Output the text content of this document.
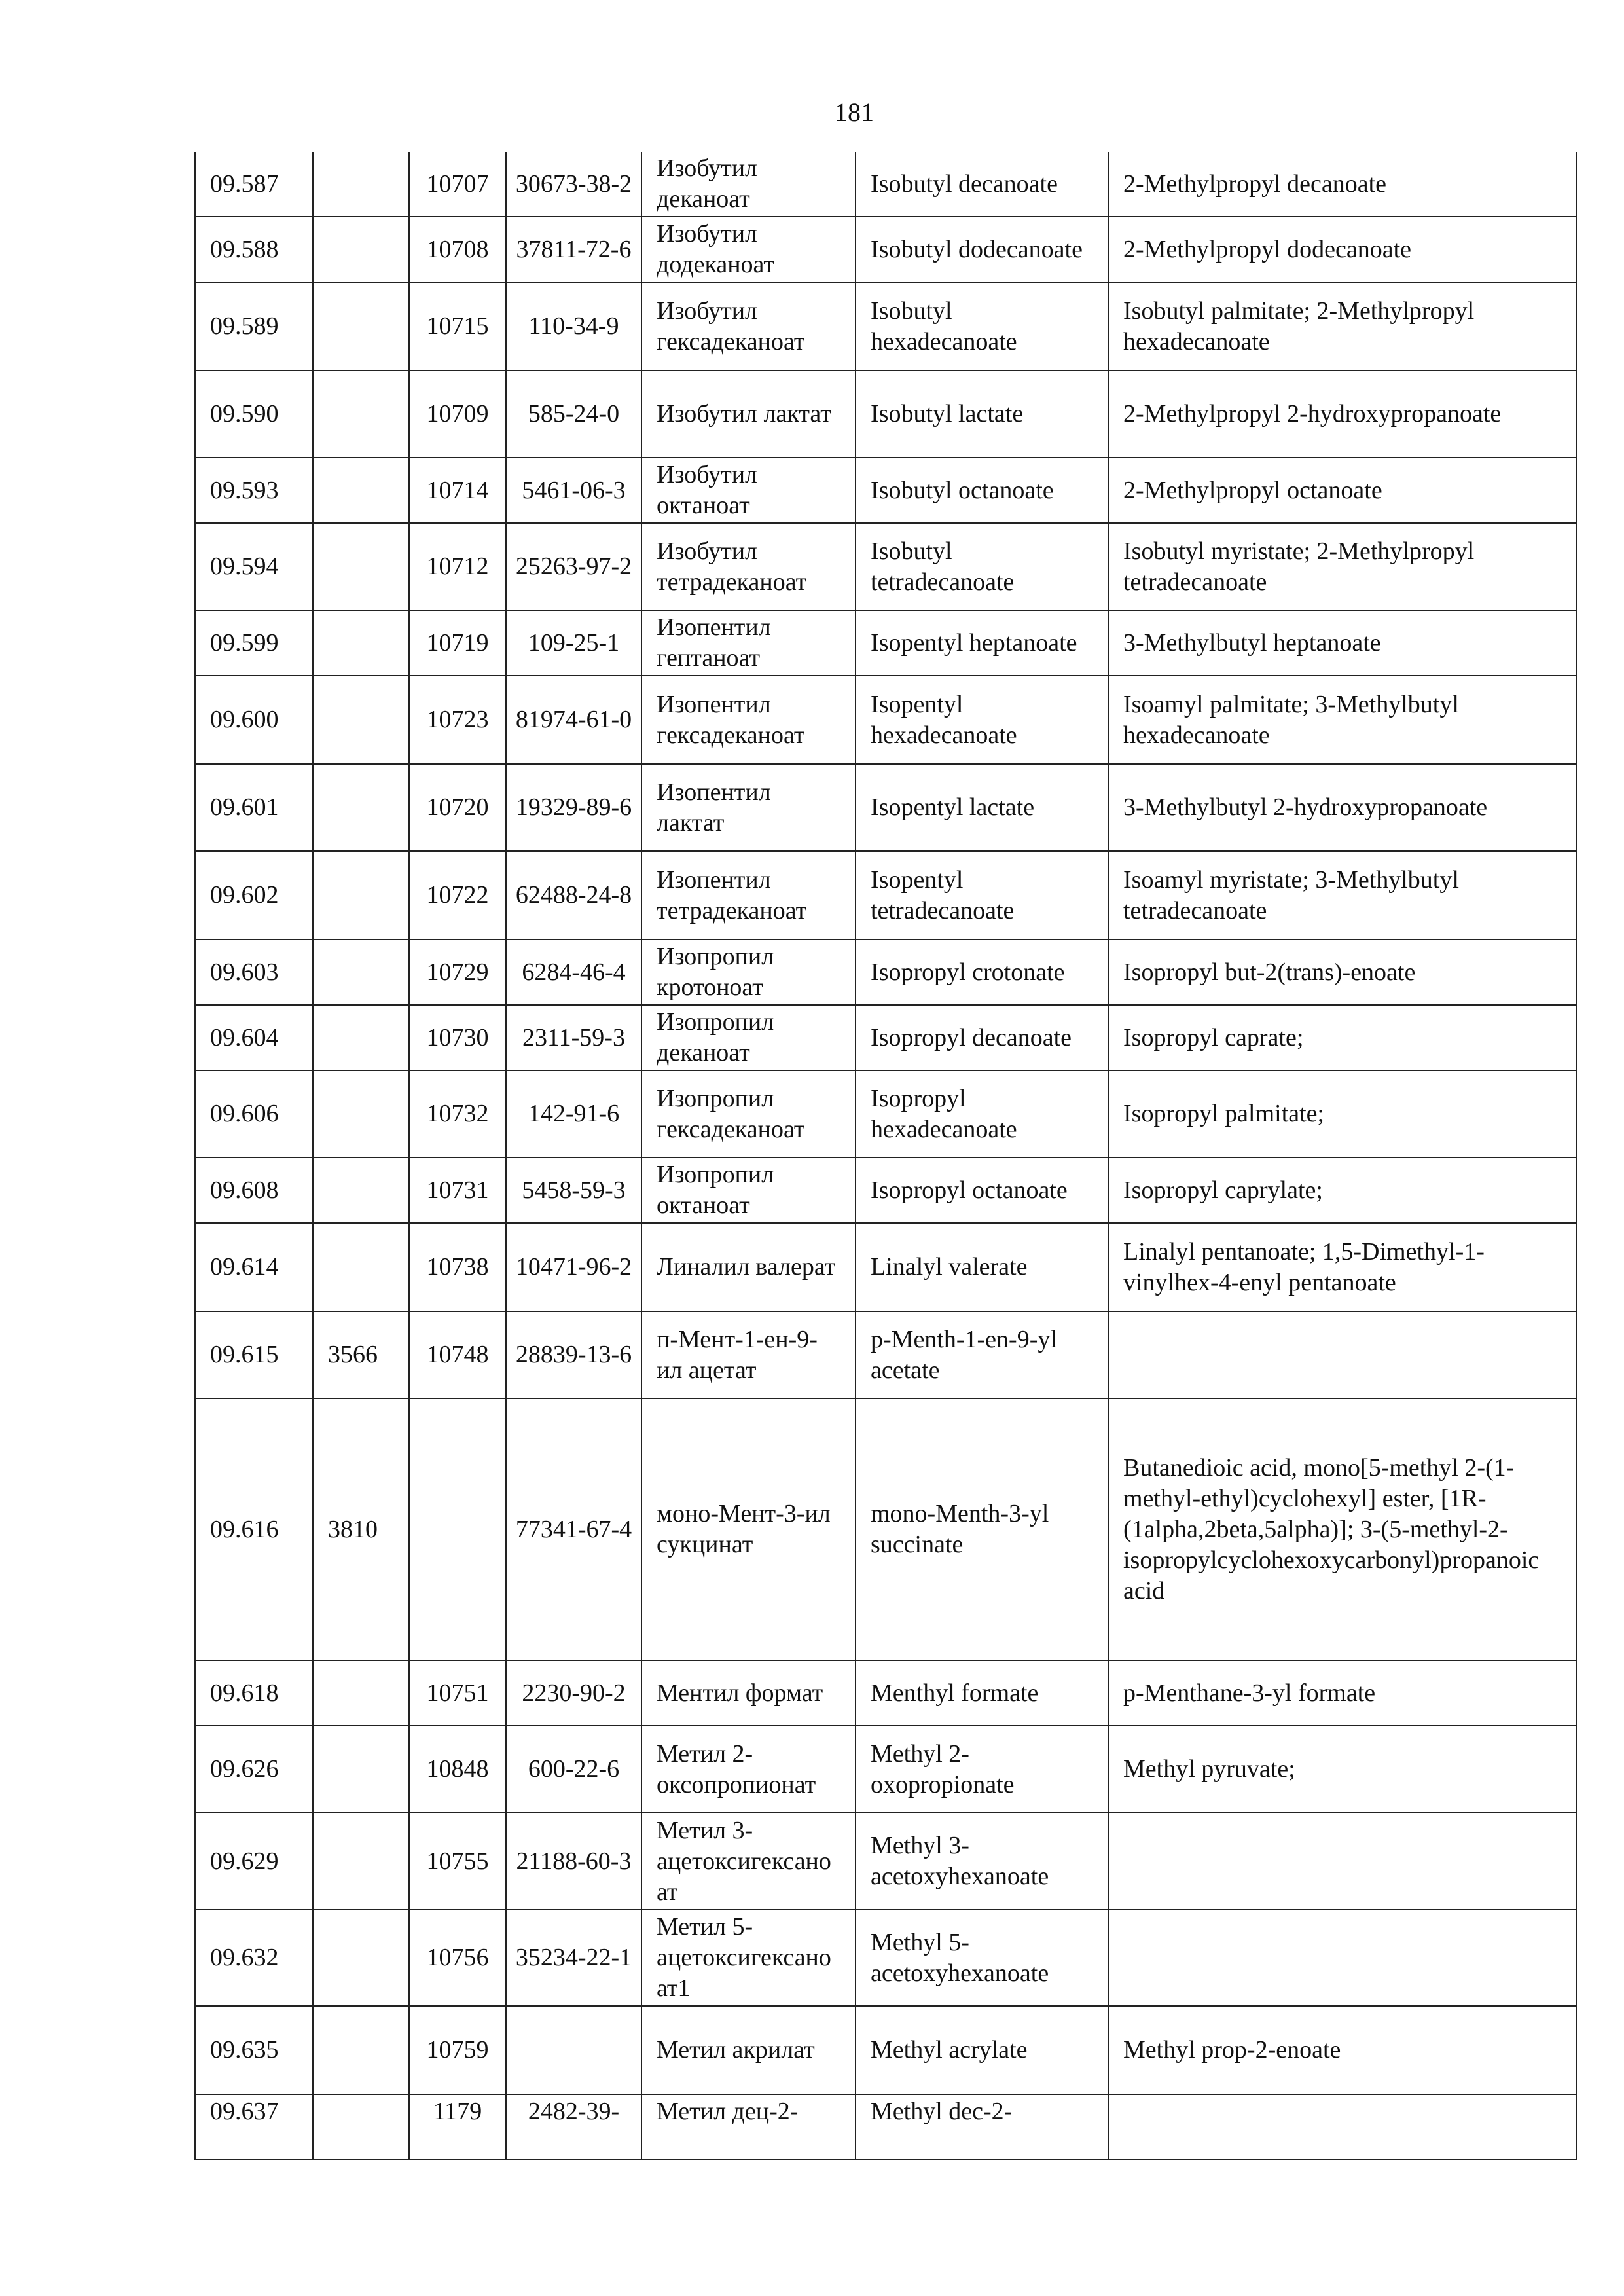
181
09.587		10707	30673-38-2	Изобутил деканоат	Isobutyl decanoate	2-Methylpropyl decanoate
09.588		10708	37811-72-6	Изобутил додеканоат	Isobutyl dodecanoate	2-Methylpropyl dodecanoate
09.589		10715	110-34-9	Изобутил гексадеканоат	Isobutyl hexadecanoate	Isobutyl palmitate; 2-Methylpropyl hexadecanoate
09.590		10709	585-24-0	Изобутил лактат	Isobutyl lactate	2-Methylpropyl 2-hydroxypropanoate
09.593		10714	5461-06-3	Изобутил октаноат	Isobutyl octanoate	2-Methylpropyl octanoate
09.594		10712	25263-97-2	Изобутил тетрадеканоат	Isobutyl tetradecanoate	Isobutyl myristate; 2-Methylpropyl tetradecanoate
09.599		10719	109-25-1	Изопентил гептаноат	Isopentyl heptanoate	3-Methylbutyl heptanoate
09.600		10723	81974-61-0	Изопентил гексадеканоат	Isopentyl hexadecanoate	Isoamyl palmitate; 3-Methylbutyl hexadecanoate
09.601		10720	19329-89-6	Изопентил лактат	Isopentyl lactate	3-Methylbutyl 2-hydroxypropanoate
09.602		10722	62488-24-8	Изопентил тетрадеканоат	Isopentyl tetradecanoate	Isoamyl myristate; 3-Methylbutyl tetradecanoate
09.603		10729	6284-46-4	Изопропил кротоноат	Isopropyl crotonate	Isopropyl but-2(trans)-enoate
09.604		10730	2311-59-3	Изопропил деканоат	Isopropyl decanoate	Isopropyl caprate;
09.606		10732	142-91-6	Изопропил гексадеканоат	Isopropyl hexadecanoate	Isopropyl palmitate;
09.608		10731	5458-59-3	Изопропил октаноат	Isopropyl octanoate	Isopropyl caprylate;
09.614		10738	10471-96-2	Линалил валерат	Linalyl valerate	Linalyl pentanoate; 1,5-Dimethyl-1-vinylhex-4-enyl pentanoate
09.615	3566	10748	28839-13-6	п-Мент-1-ен-9-ил ацетат	p-Menth-1-en-9-yl acetate	
09.616	3810		77341-67-4	моно-Мент-3-ил сукцинат	mono-Menth-3-yl succinate	Butanedioic acid, mono[5-methyl 2-(1-methyl-ethyl)cyclohexyl] ester, [1R-(1alpha,2beta,5alpha)]; 3-(5-methyl-2-isopropylcyclohexoxycarbonyl)propanoic acid
09.618		10751	2230-90-2	Ментил формат	Menthyl formate	p-Menthane-3-yl formate
09.626		10848	600-22-6	Метил 2-оксопропионат	Methyl 2-oxopropionate	Methyl pyruvate;
09.629		10755	21188-60-3	Метил 3-ацетоксигексаноат	Methyl 3-acetoxyhexanoate	
09.632		10756	35234-22-1	Метил 5-ацетоксигексаноат1	Methyl 5-acetoxyhexanoate	
09.635		10759		Метил акрилат	Methyl acrylate	Methyl prop-2-enoate
09.637		1179	2482-39-	Метил дец-2-	Methyl dec-2-	
